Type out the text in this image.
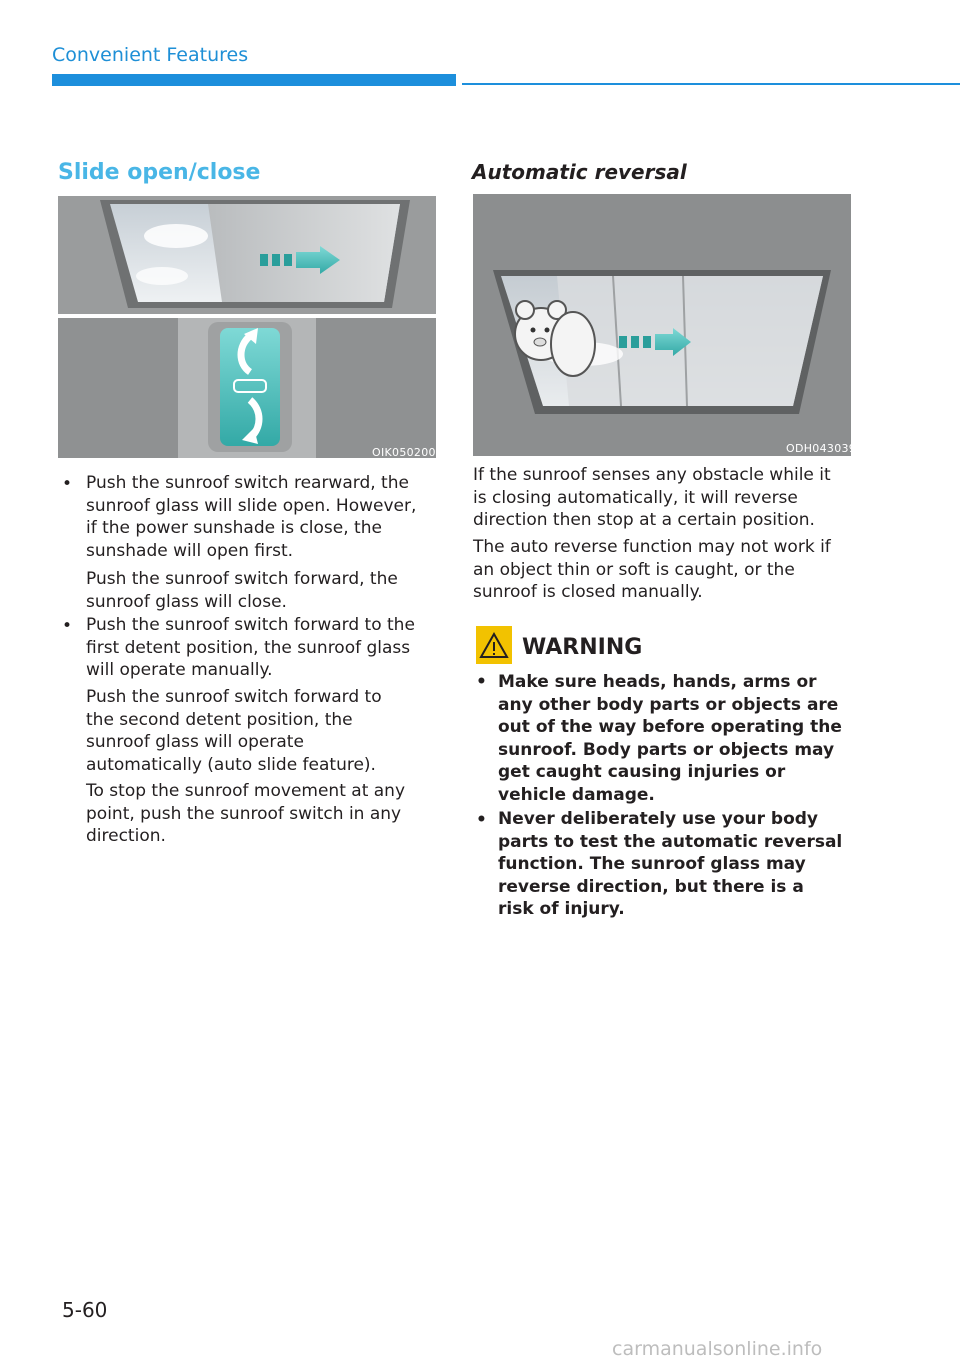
Convenient Features
Slide open/close
OIK050200
• Push the sunroof switch rearward, the sunroof glass will slide open. However, if the power sunshade is close, the sunshade will open first.
Push the sunroof switch forward, the sunroof glass will close.
• Push the sunroof switch forward to the first detent position, the sunroof glass will operate manually.
Push the sunroof switch forward to the second detent position, the sunroof glass will operate automatically (auto slide feature).
To stop the sunroof movement at any point, push the sunroof switch in any direction.
Automatic reversal
ODH043039
If the sunroof senses any obstacle while it is closing automatically, it will reverse direction then stop at a certain position.
The auto reverse function may not work if an object thin or soft is caught, or the sunroof is closed manually.
WARNING
• Make sure heads, hands, arms or any other body parts or objects are out of the way before operating the sunroof. Body parts or objects may get caught causing injuries or vehicle damage.
• Never deliberately use your body parts to test the automatic reversal function. The sunroof glass may reverse direction, but there is a risk of injury.
5-60
carmanualsonline.info
